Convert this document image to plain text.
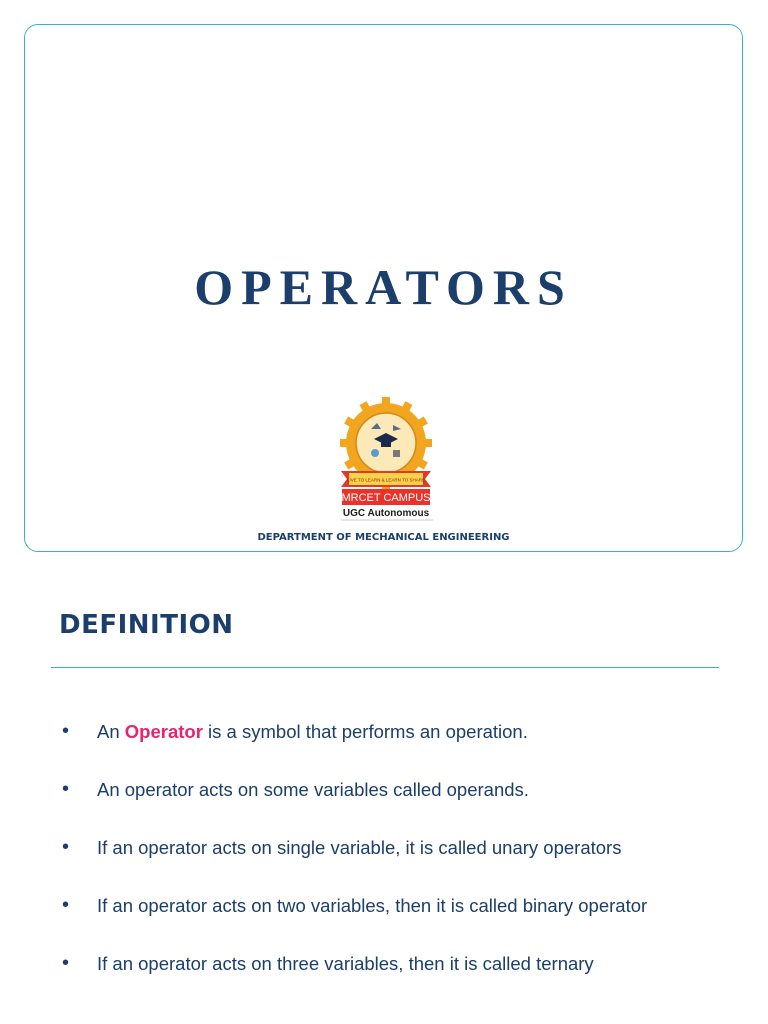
OPERATORS
MRCET CAMPUS
LIVE TO LEARN & LEARN TO SHARE
UGC Autonomous
DEPARTMENT OF MECHANICAL ENGINEERING
DEFINITION
• An Operator is a symbol that performs an operation.
• An operator acts on some variables called operands.
• If an operator acts on single variable, it is called unary operators
• If an operator acts on two variables, then it is called binary operator
• If an operator acts on three variables, then it is called ternary
